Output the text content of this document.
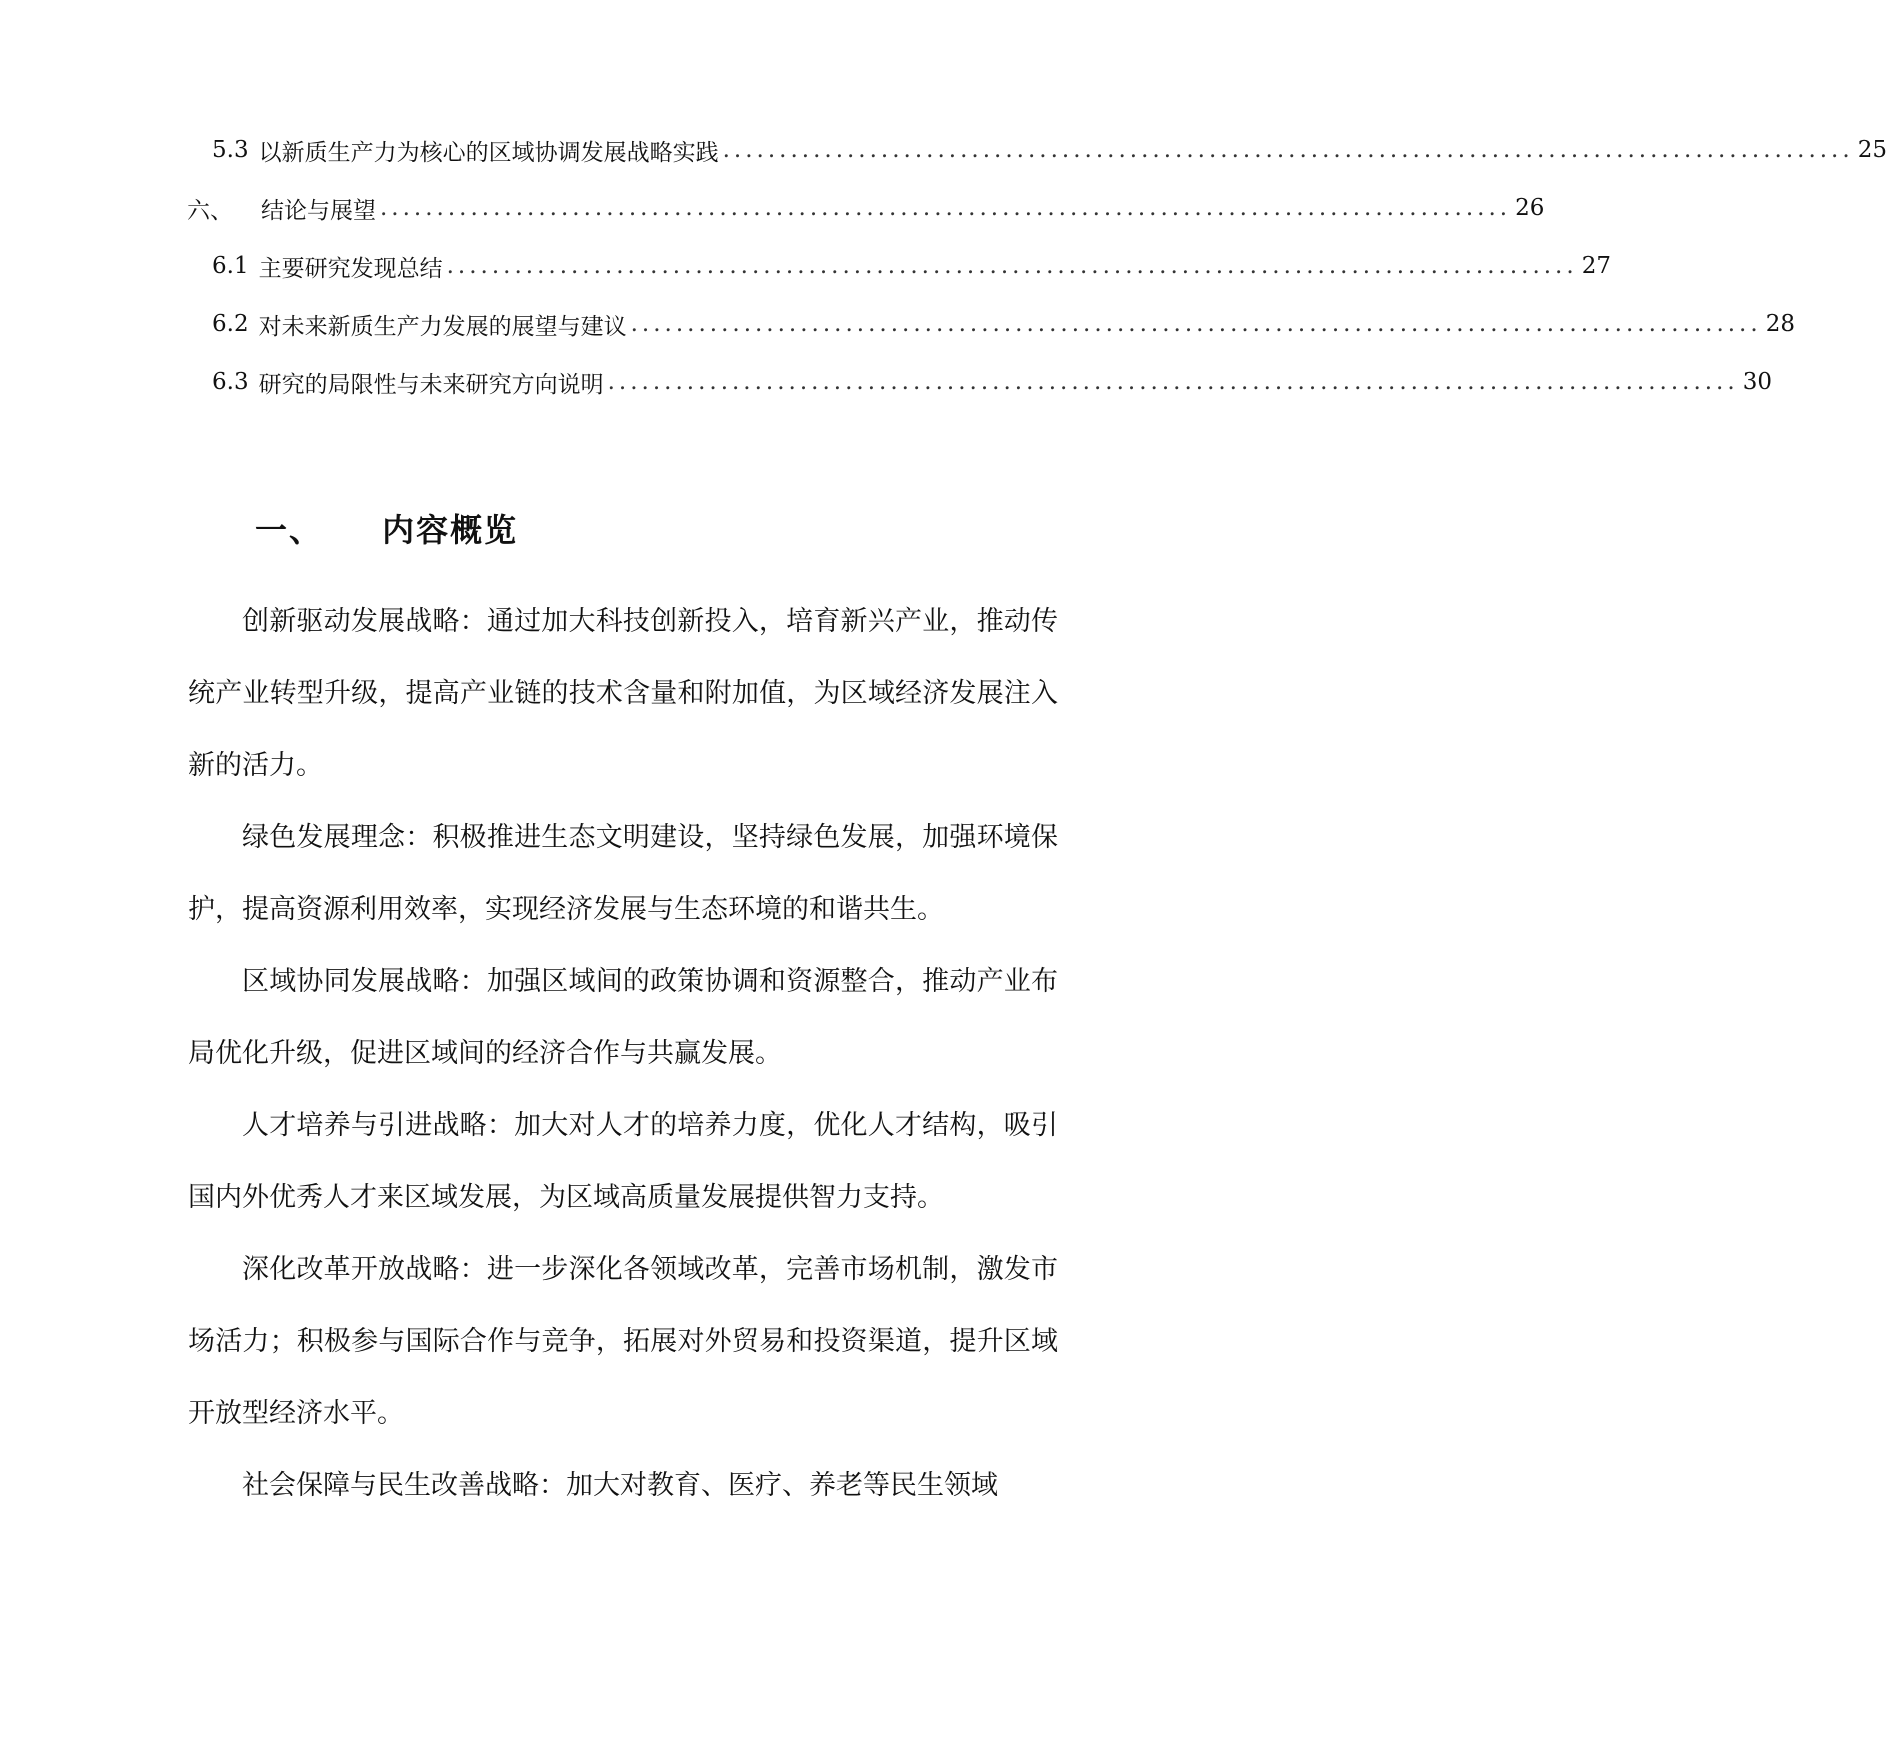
5.3 以新质生产力为核心的区域协调发展战略实践 .................................................................................................... 25
六、 结论与展望 .................................................................................................... 26
6.1 主要研究发现总结 .................................................................................................... 27
6.2 对未来新质生产力发展的展望与建议 .................................................................................................... 28
6.3 研究的局限性与未来研究方向说明 .................................................................................................... 30
一、 内容概览

创新驱动发展战略：通过加大科技创新投入，培育新兴产业，推动传统产业转型升级，提高产业链的技术含量和附加值，为区域经济发展注入新的活力。

绿色发展理念：积极推进生态文明建设，坚持绿色发展，加强环境保护，提高资源利用效率，实现经济发展与生态环境的和谐共生。

区域协同发展战略：加强区域间的政策协调和资源整合，推动产业布局优化升级，促进区域间的经济合作与共赢发展。

人才培养与引进战略：加大对人才的培养力度，优化人才结构，吸引国内外优秀人才来区域发展，为区域高质量发展提供智力支持。

深化改革开放战略：进一步深化各领域改革，完善市场机制，激发市场活力；积极参与国际合作与竞争，拓展对外贸易和投资渠道，提升区域开放型经济水平。

社会保障与民生改善战略：加大对教育、医疗、养老等民生领域
